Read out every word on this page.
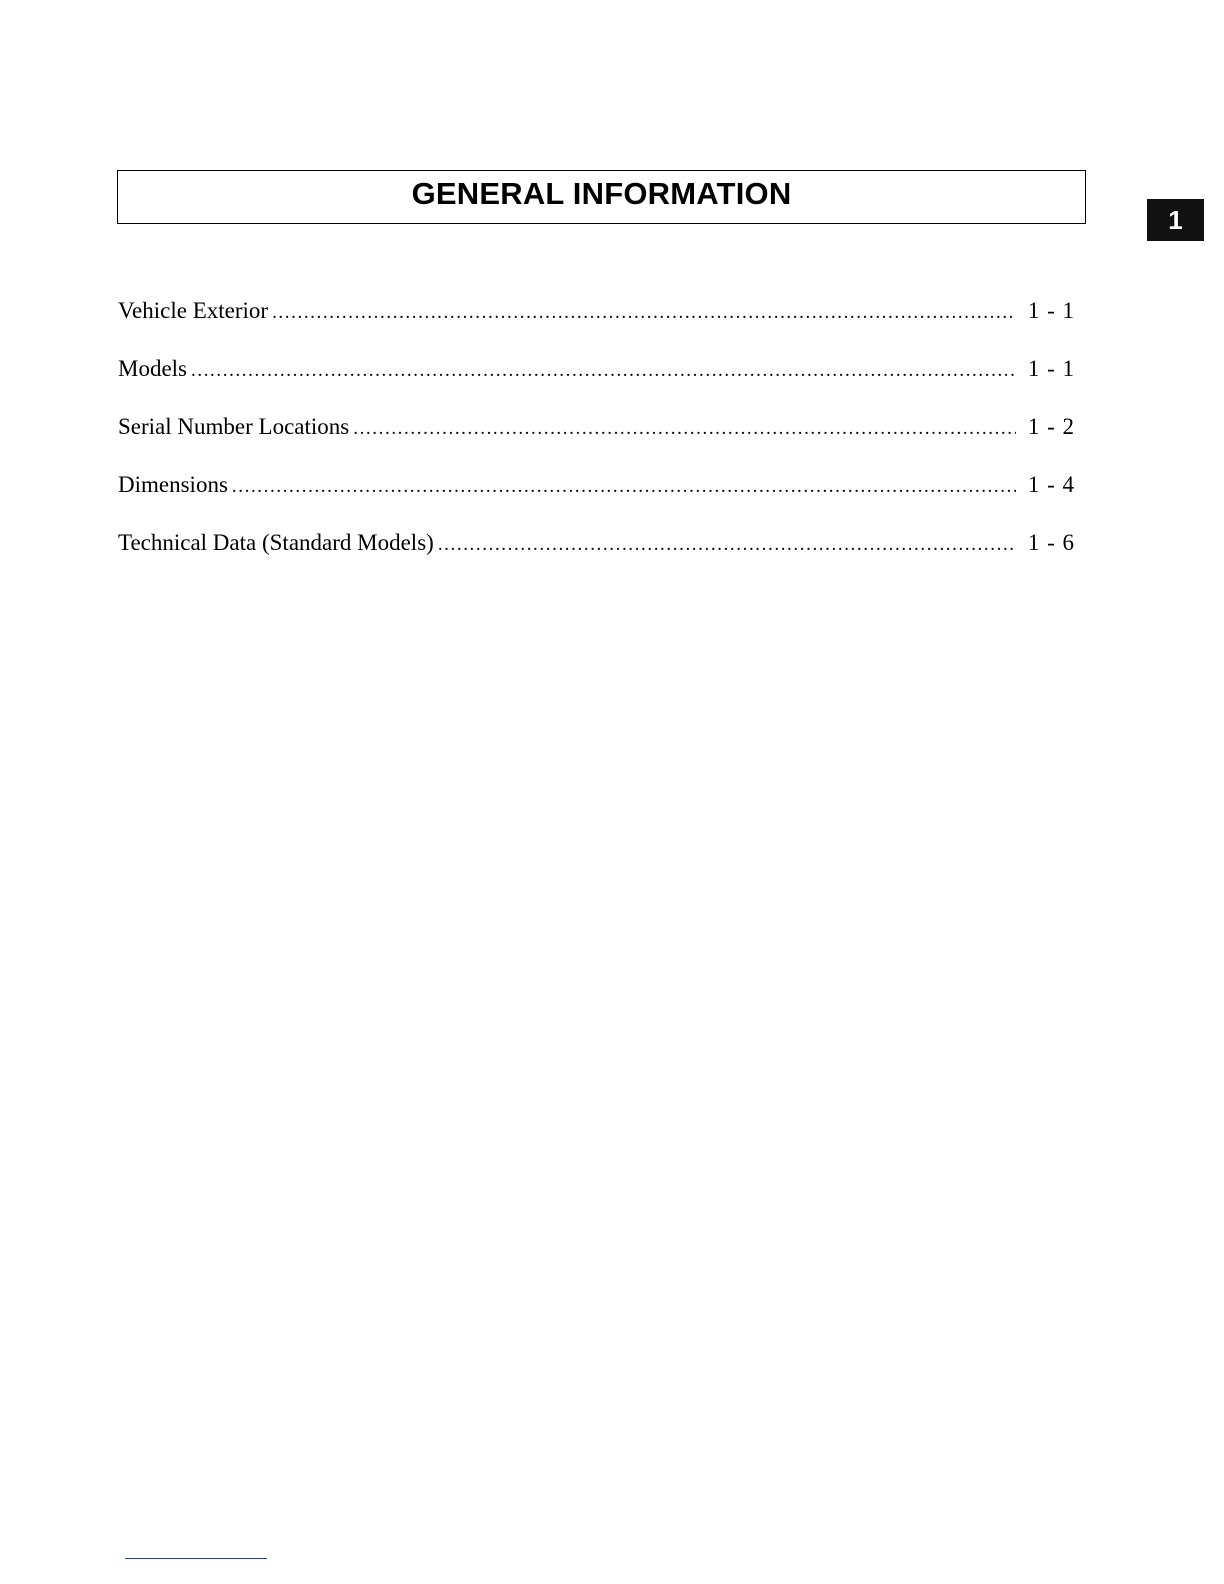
GENERAL INFORMATION
1
Vehicle Exterior .....	1 - 1
Models .....	1 - 1
Serial Number Locations .....	1 - 2
Dimensions .....	1 - 4
Technical Data (Standard Models) .....	1 - 6
